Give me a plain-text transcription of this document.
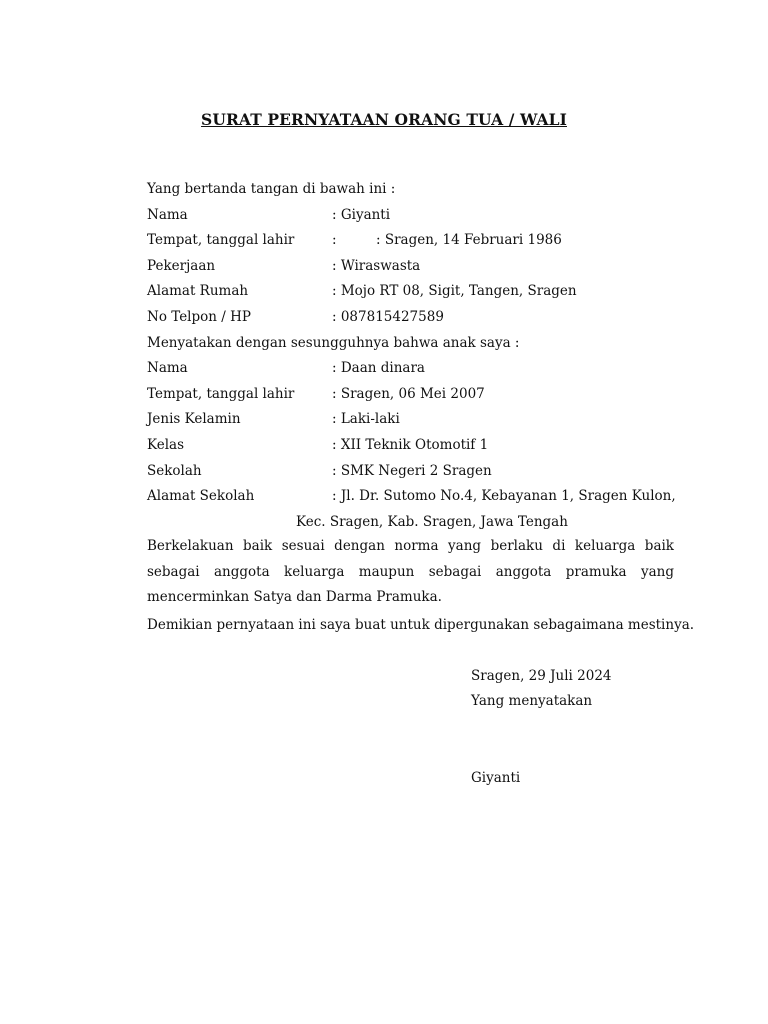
SURAT PERNYATAAN ORANG TUA / WALI
Yang bertanda tangan di bawah ini :
Nama	: Giyanti
Tempat, tanggal lahir	:	: Sragen, 14 Februari 1986
Pekerjaan	: Wiraswasta
Alamat Rumah	: Mojo RT 08, Sigit, Tangen, Sragen
No Telpon / HP	: 087815427589
Menyatakan dengan sesungguhnya bahwa anak saya :
Nama	: Daan dinara
Tempat, tanggal lahir	: Sragen, 06 Mei 2007
Jenis Kelamin	: Laki-laki
Kelas	: XII Teknik Otomotif 1
Sekolah	: SMK Negeri 2 Sragen
Alamat Sekolah	: Jl. Dr. Sutomo No.4, Kebayanan 1, Sragen Kulon,
Kec. Sragen, Kab. Sragen, Jawa Tengah
Berkelakuan baik sesuai dengan norma yang berlaku di keluarga baik sebagai anggota keluarga maupun sebagai anggota pramuka yang mencerminkan Satya dan Darma Pramuka.
Demikian pernyataan ini saya buat untuk dipergunakan sebagaimana mestinya.
Sragen, 29 Juli 2024
Yang menyatakan
Giyanti
